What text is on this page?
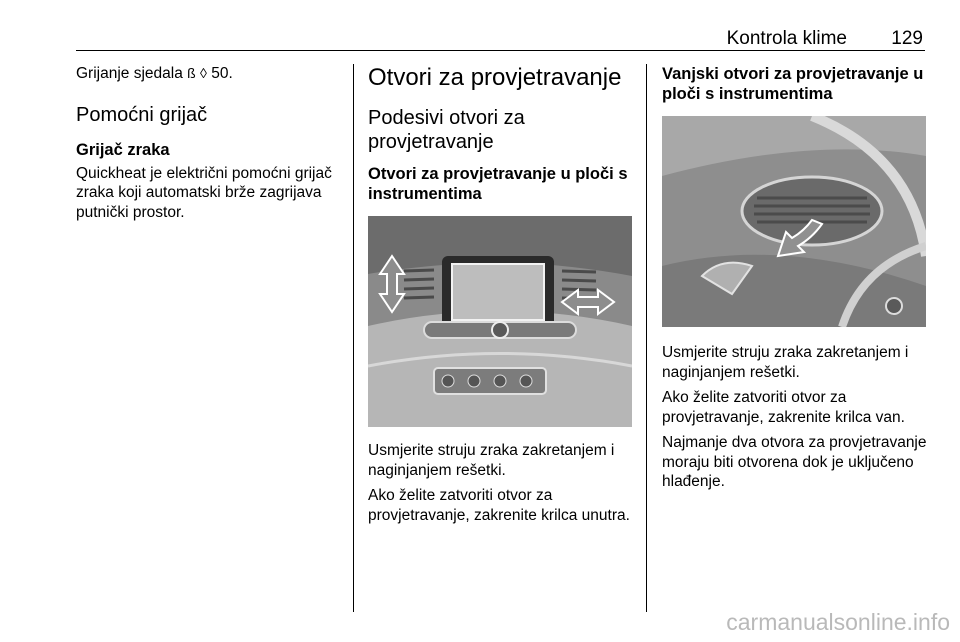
Kontrola klime 129

Grijanje sjedala ß ◊ 50.

Pomoćni grijač
Grijač zraka

Quickheat je električni pomoćni grijač zraka koji automatski brže zagrijava putnički prostor.

Otvori za provjetravanje
Podesivi otvori za provjetravanje
Otvori za provjetravanje u ploči s instrumentima

Usmjerite struju zraka zakretanjem i naginjanjem rešetki.

Ako želite zatvoriti otvor za provjetravanje, zakrenite krilca unutra.

Vanjski otvori za provjetravanje u ploči s instrumentima

Usmjerite struju zraka zakretanjem i naginjanjem rešetki.

Ako želite zatvoriti otvor za provjetravanje, zakrenite krilca van.

Najmanje dva otvora za provjetravanje moraju biti otvorena dok je uključeno hlađenje.

carmanualsonline.info
